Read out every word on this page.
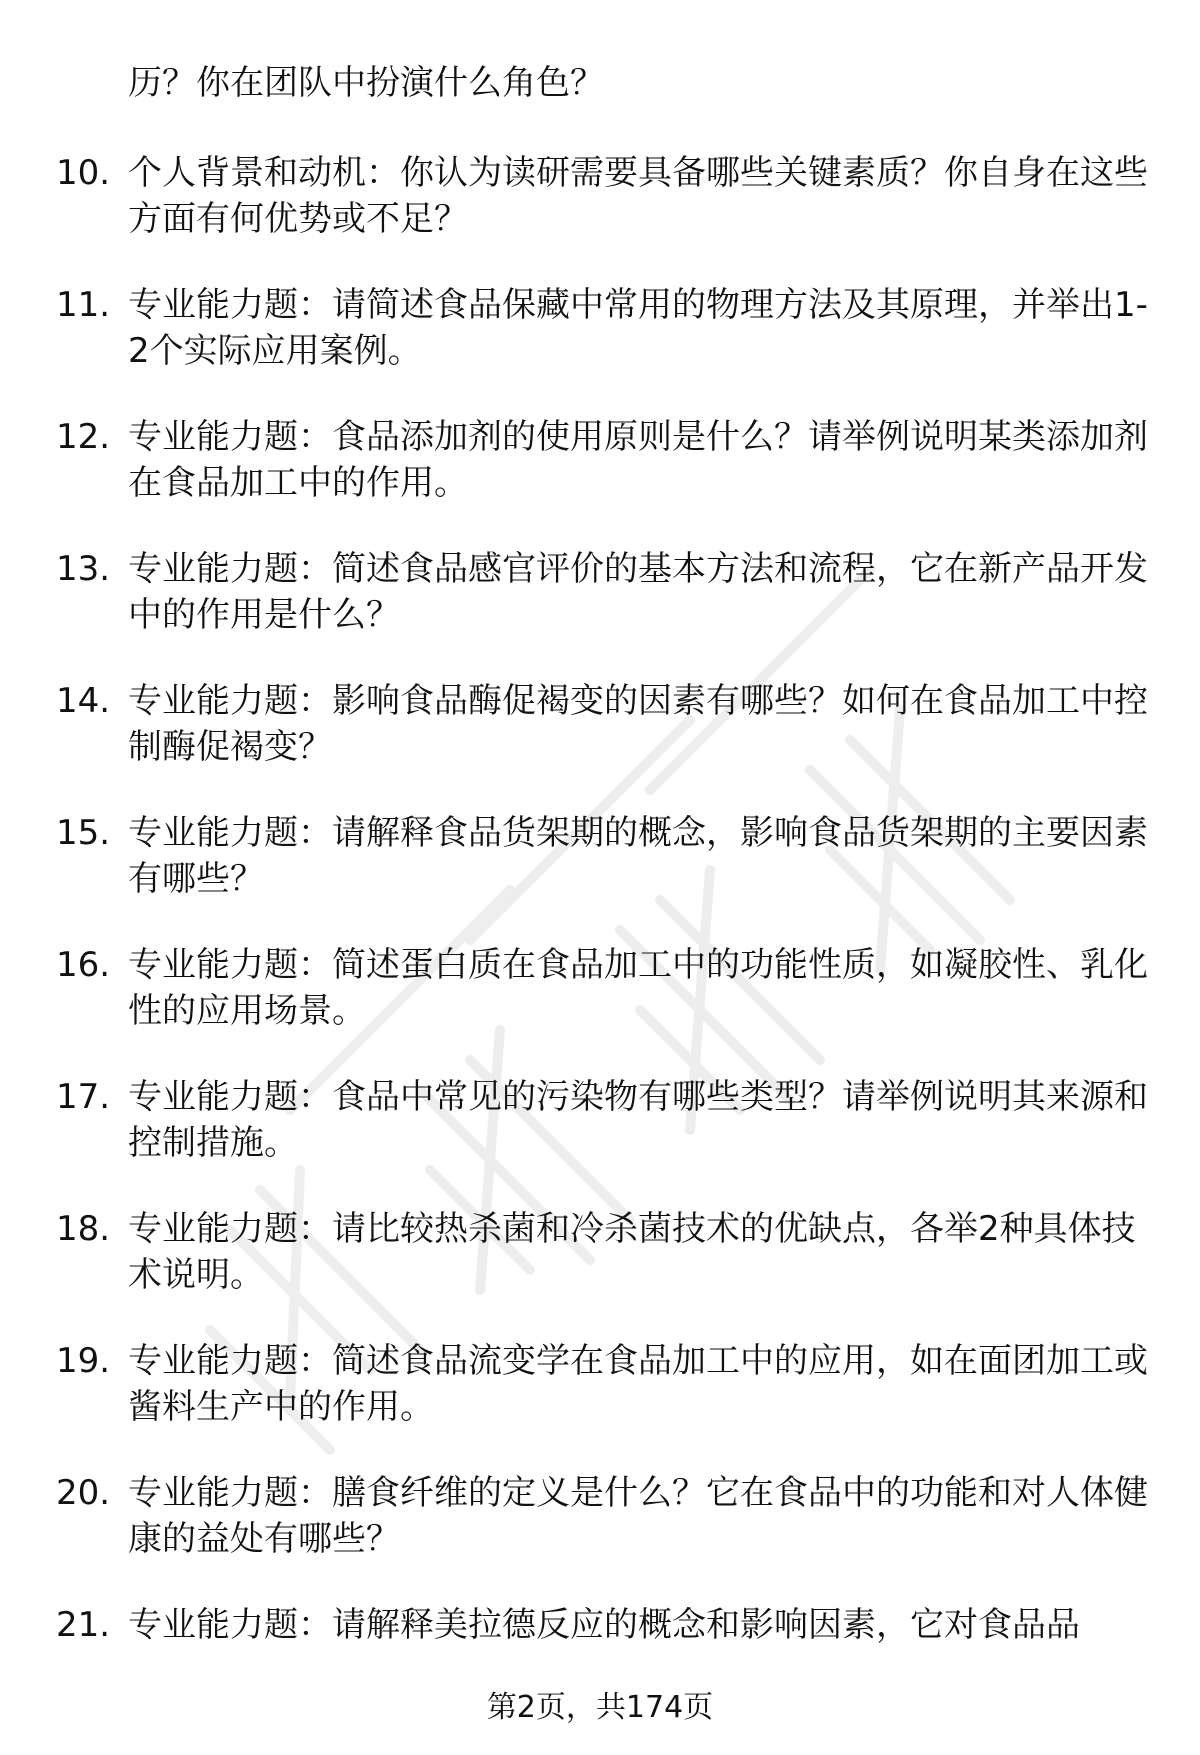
历？你在团队中扮演什么角色？

10. 个人背景和动机：你认为读研需要具备哪些关键素质？你自身在这些方面有何优势或不足？

11. 专业能力题：请简述食品保藏中常用的物理方法及其原理，并举出1-2个实际应用案例。

12. 专业能力题：食品添加剂的使用原则是什么？请举例说明某类添加剂在食品加工中的作用。

13. 专业能力题：简述食品感官评价的基本方法和流程，它在新产品开发中的作用是什么？

14. 专业能力题：影响食品酶促褐变的因素有哪些？如何在食品加工中控制酶促褐变？

15. 专业能力题：请解释食品货架期的概念，影响食品货架期的主要因素有哪些？

16. 专业能力题：简述蛋白质在食品加工中的功能性质，如凝胶性、乳化性的应用场景。

17. 专业能力题：食品中常见的污染物有哪些类型？请举例说明其来源和控制措施。

18. 专业能力题：请比较热杀菌和冷杀菌技术的优缺点，各举2种具体技术说明。

19. 专业能力题：简述食品流变学在食品加工中的应用，如在面团加工或酱料生产中的作用。

20. 专业能力题：膳食纤维的定义是什么？它在食品中的功能和对人体健康的益处有哪些？

21. 专业能力题：请解释美拉德反应的概念和影响因素，它对食品品

第2页，共174页
